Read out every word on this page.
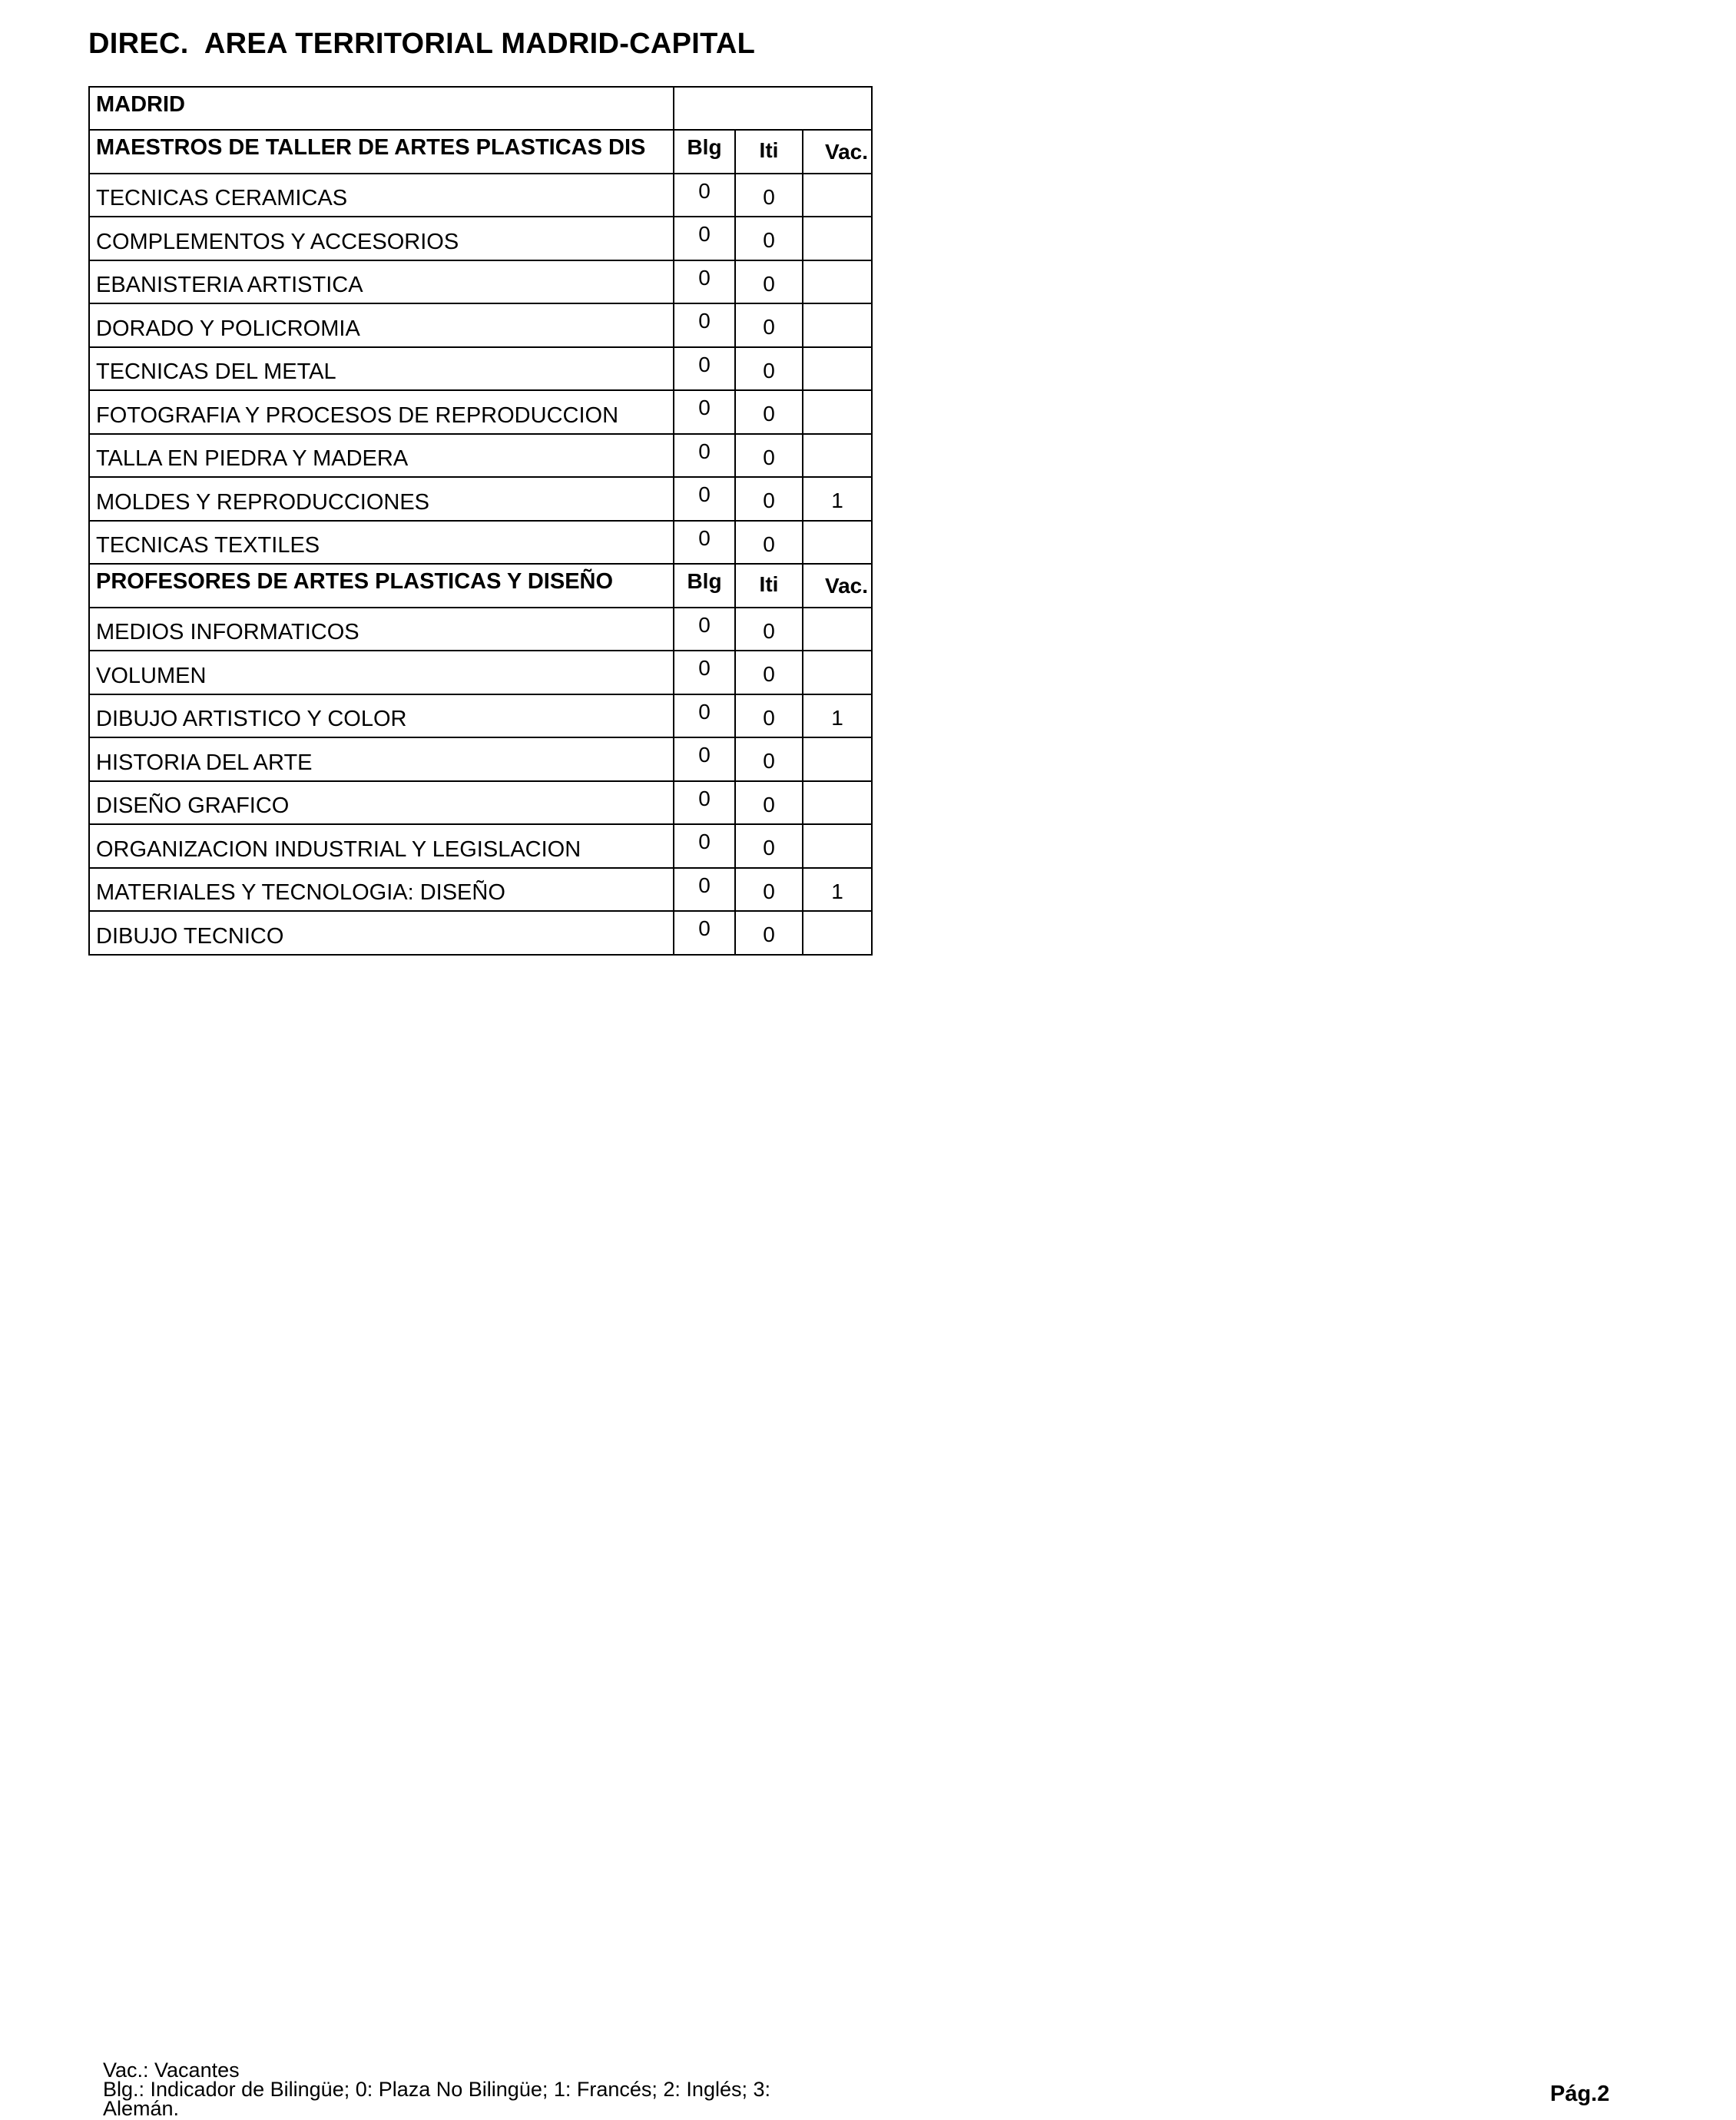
DIREC.  AREA TERRITORIAL MADRID-CAPITAL
MADRID
MAESTROS DE TALLER DE ARTES PLASTICAS DIS	Blg	Iti	Vac.
TECNICAS CERAMICAS	0	0
COMPLEMENTOS Y ACCESORIOS	0	0
EBANISTERIA ARTISTICA	0	0
DORADO Y POLICROMIA	0	0
TECNICAS DEL METAL	0	0
FOTOGRAFIA Y PROCESOS DE REPRODUCCION	0	0
TALLA EN PIEDRA Y MADERA	0	0
MOLDES Y REPRODUCCIONES	0	0	1
TECNICAS TEXTILES	0	0
PROFESORES DE ARTES PLASTICAS Y DISEÑO	Blg	Iti	Vac.
MEDIOS INFORMATICOS	0	0
VOLUMEN	0	0
DIBUJO ARTISTICO Y COLOR	0	0	1
HISTORIA DEL ARTE	0	0
DISEÑO GRAFICO	0	0
ORGANIZACION INDUSTRIAL Y LEGISLACION	0	0
MATERIALES Y TECNOLOGIA: DISEÑO	0	0	1
DIBUJO TECNICO	0	0
Vac.: Vacantes
Blg.: Indicador de Bilingüe; 0: Plaza No Bilingüe; 1: Francés; 2: Inglés; 3:
Alemán.
Pág.2
